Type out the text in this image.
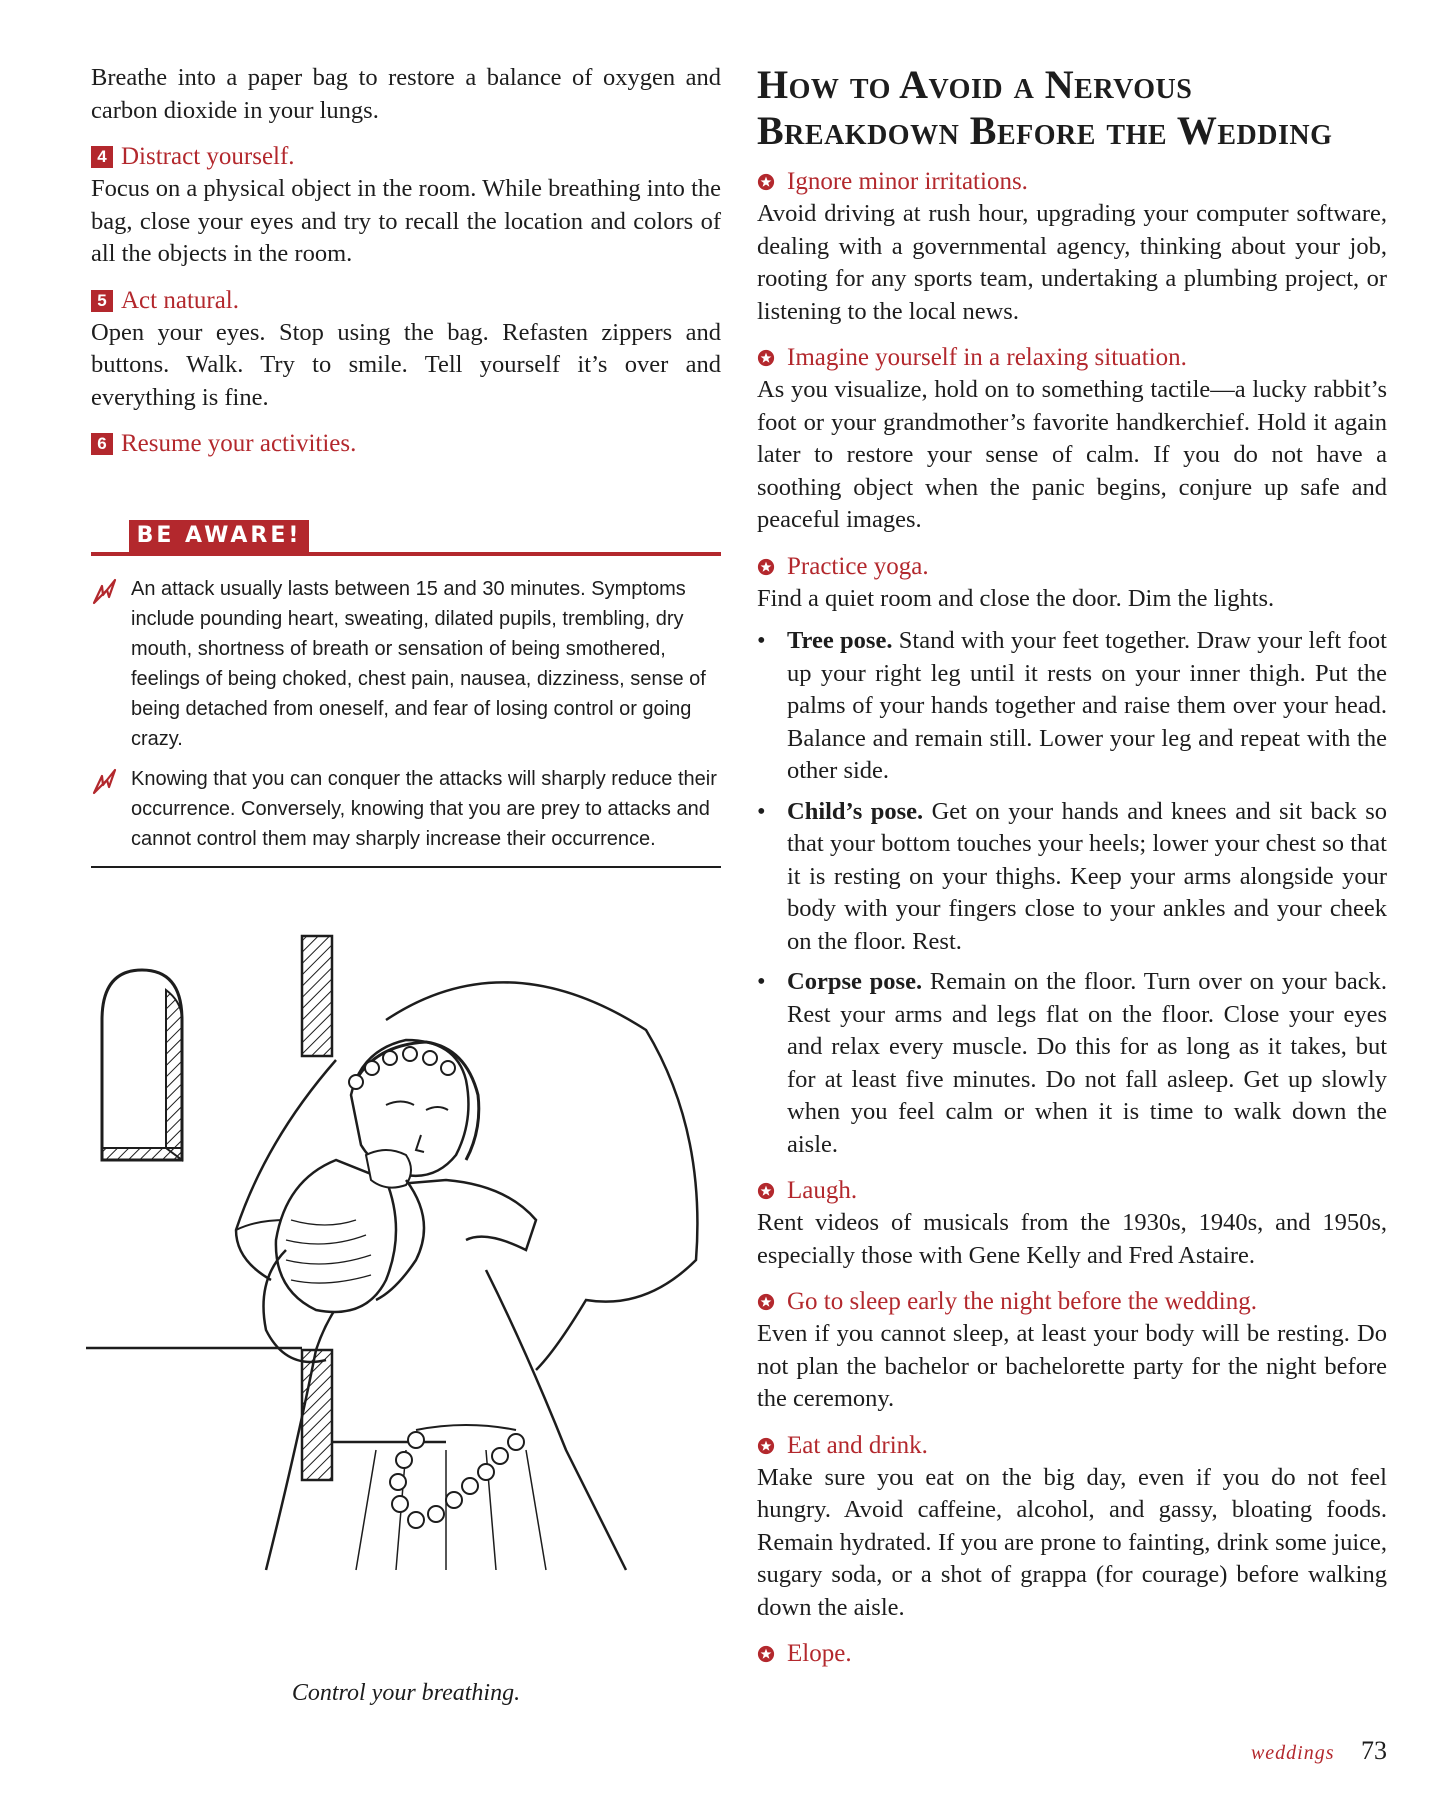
Breathe into a paper bag to restore a balance of oxygen and carbon dioxide in your lungs.

4 Distract yourself.

Focus on a physical object in the room. While breathing into the bag, close your eyes and try to recall the location and colors of all the objects in the room.

5 Act natural.

Open your eyes. Stop using the bag. Refasten zippers and buttons. Walk. Try to smile. Tell yourself it’s over and everything is fine.

6 Resume your activities.

BE AWARE!
An attack usually lasts between 15 and 30 minutes. Symptoms include pounding heart, sweating, dilated pupils, trembling, dry mouth, shortness of breath or sensation of being smothered, feelings of being choked, chest pain, nausea, dizziness, sense of being detached from oneself, and fear of losing control or going crazy.
Knowing that you can conquer the attacks will sharply reduce their occurrence. Conversely, knowing that you are prey to attacks and cannot control them may sharply increase their occurrence.
Control your breathing.
How to Avoid a Nervous
Breakdown Before the Wedding

Ignore minor irritations.

Avoid driving at rush hour, upgrading your computer software, dealing with a governmental agency, thinking about your job, rooting for any sports team, undertaking a plumbing project, or listening to the local news.

Imagine yourself in a relaxing situation.

As you visualize, hold on to something tactile—a lucky rabbit’s foot or your grandmother’s favorite handkerchief. Hold it again later to restore your sense of calm. If you do not have a soothing object when the panic begins, conjure up safe and peaceful images.

Practice yoga.

Find a quiet room and close the door. Dim the lights.

• Tree pose. Stand with your feet together. Draw your left foot up your right leg until it rests on your inner thigh. Put the palms of your hands together and raise them over your head. Balance and remain still. Lower your leg and repeat with the other side.
• Child’s pose. Get on your hands and knees and sit back so that your bottom touches your heels; lower your chest so that it is resting on your thighs. Keep your arms alongside your body with your fingers close to your ankles and your cheek on the floor. Rest.
• Corpse pose. Remain on the floor. Turn over on your back. Rest your arms and legs flat on the floor. Close your eyes and relax every muscle. Do this for as long as it takes, but for at least five minutes. Do not fall asleep. Get up slowly when you feel calm or when it is time to walk down the aisle.

Laugh.

Rent videos of musicals from the 1930s, 1940s, and 1950s, especially those with Gene Kelly and Fred Astaire.

Go to sleep early the night before the wedding.

Even if you cannot sleep, at least your body will be resting. Do not plan the bachelor or bachelorette party for the night before the ceremony.

Eat and drink.

Make sure you eat on the big day, even if you do not feel hungry. Avoid caffeine, alcohol, and gassy, bloating foods. Remain hydrated. If you are prone to fainting, drink some juice, sugary soda, or a shot of grappa (for courage) before walking down the aisle.

Elope.

weddings 73
